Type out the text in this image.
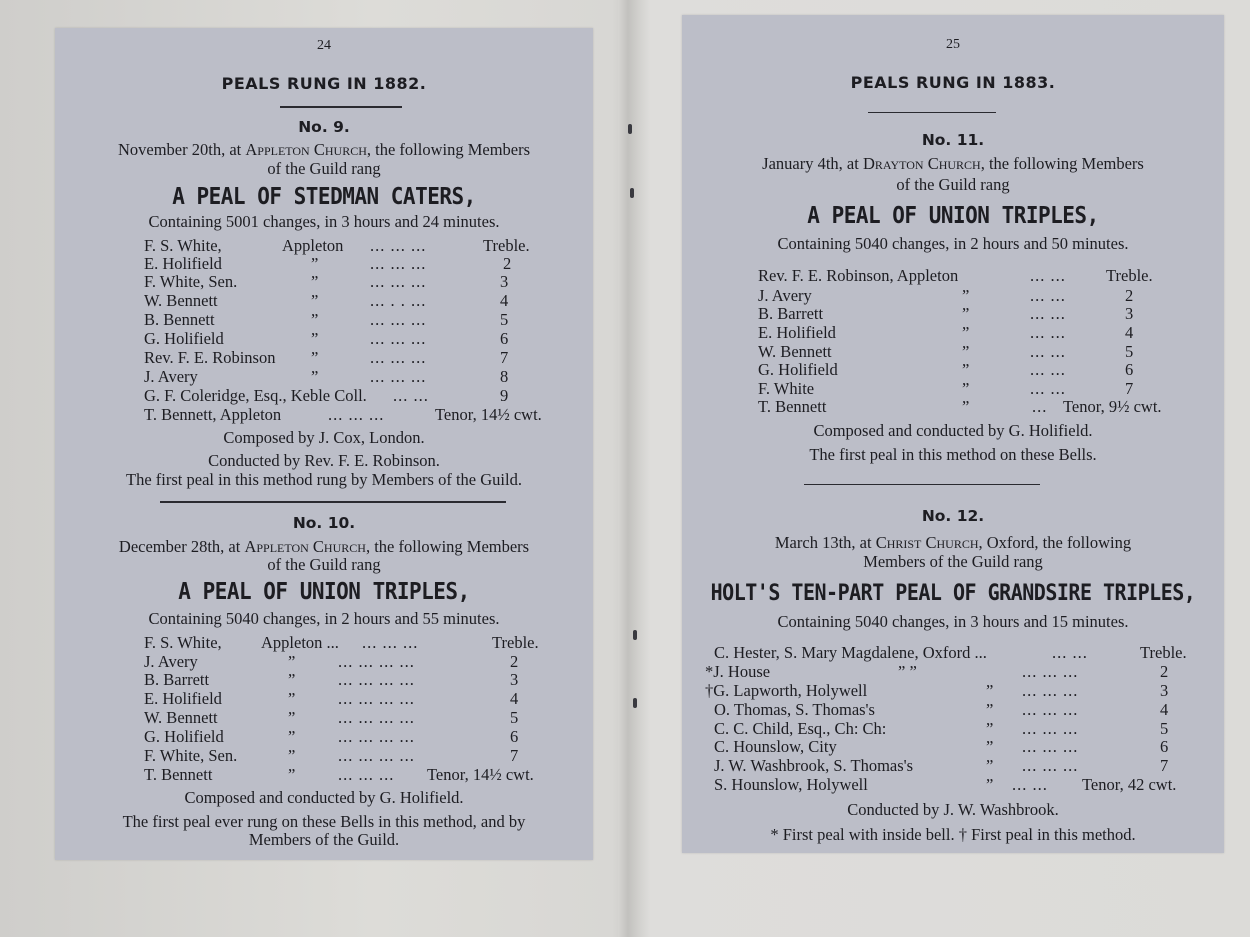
24
PEALS RUNG IN 1882.
No. 9.
November 20th, at Appleton Church, the following Members
of the Guild rang
A PEAL OF STEDMAN CATERS,
Containing 5001 changes, in 3 hours and 24 minutes.
F. S. White,	Appleton ... ... ...	Treble.
E. Holifield	”	... ... ...	2
F. White, Sen.	”	... ... ...	3
W. Bennett	”	... . . ...	4
B. Bennett	”	... ... ...	5
G. Holifield	”	... ... ...	6
Rev. F. E. Robinson ”	... ... ...	7
J. Avery	”	... ... ...	8
G. F. Coleridge, Esq., Keble Coll. ... ...	9
T. Bennett, Appleton	... ... ...	Tenor, 14½ cwt.
Composed by J. Cox, London.
Conducted by Rev. F. E. Robinson.
The first peal in this method rung by Members of the Guild.
No. 10.
December 28th, at Appleton Church, the following Members
of the Guild rang
A PEAL OF UNION TRIPLES,
Containing 5040 changes, in 2 hours and 55 minutes.
F. S. White, Appleton ... ... ... ...	Treble.
J. Avery	”	... ... ... ...	2
B. Barrett	”	... ... ... ...	3
E. Holifield	”	... ... ... ...	4
W. Bennett	”	... ... ... ...	5
G. Holifield	”	... ... ... ...	6
F. White, Sen.	”	... ... ... ...	7
T. Bennett	”	... ... ... Tenor, 14½ cwt.
Composed and conducted by G. Holifield.
The first peal ever rung on these Bells in this method, and by
Members of the Guild.
25
PEALS RUNG IN 1883.
No. 11.
January 4th, at Drayton Church, the following Members
of the Guild rang
A PEAL OF UNION TRIPLES,
Containing 5040 changes, in 2 hours and 50 minutes.
Rev. F. E. Robinson, Appleton	... ... Treble.
J. Avery	”	... ...	2
B. Barrett	”	... ...	3
E. Holifield	”	... ...	4
W. Bennett	”	... ...	5
G. Holifield	”	... ...	6
F. White	”	... ...	7
T. Bennett	”	... Tenor, 9½ cwt.
Composed and conducted by G. Holifield.
The first peal in this method on these Bells.
No. 12.
March 13th, at Christ Church, Oxford, the following
Members of the Guild rang
HOLT'S TEN-PART PEAL OF GRANDSIRE TRIPLES,
Containing 5040 changes, in 3 hours and 15 minutes.
C. Hester, S. Mary Magdalene, Oxford ...	... ...	Treble.
*J. House	” ”	... ... ...	2
†G. Lapworth, Holywell	” ... ... ...	3
O. Thomas, S. Thomas's	” ... ... ...	4
C. C. Child, Esq., Ch: Ch:	” ... ... ...	5
C. Hounslow, City	” ... ... ...	6
J. W. Washbrook, S. Thomas's	” ... ... ...	7
S. Hounslow, Holywell	” ... ... Tenor, 42 cwt.
Conducted by J. W. Washbrook.
* First peal with inside bell. † First peal in this method.
